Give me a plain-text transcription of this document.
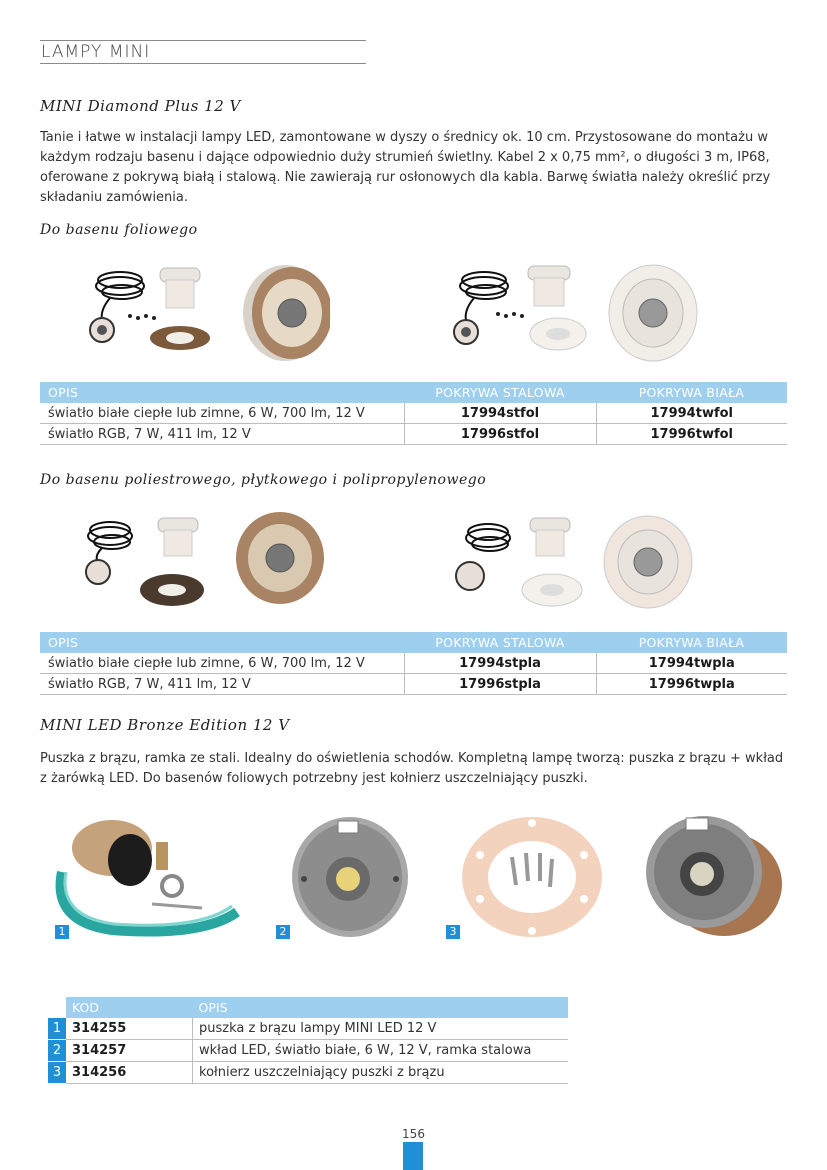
LAMPY MINI
MINI Diamond Plus 12 V
Tanie i łatwe w instalacji lampy LED, zamontowane w dyszy o średnicy ok. 10 cm. Przystosowane do montażu w każdym rodzaju basenu i dające odpowiednio duży strumień świetlny. Kabel 2 x 0,75 mm², o długości 3 m, IP68, oferowane z pokrywą białą i stalową. Nie zawierają rur osłonowych dla kabla. Barwę światła należy określić przy składaniu zamówienia.
Do basenu foliowego
OPIS	POKRYWA STALOWA	POKRYWA BIAŁA
światło białe ciepłe lub zimne, 6 W, 700 lm, 12 V	17994stfol	17994twfol
światło RGB, 7 W, 411 lm, 12 V	17996stfol	17996twfol
Do basenu poliestrowego, płytkowego i polipropylenowego
OPIS	POKRYWA STALOWA	POKRYWA BIAŁA
światło białe ciepłe lub zimne, 6 W, 700 lm, 12 V	17994stpla	17994twpla
światło RGB, 7 W, 411 lm, 12 V	17996stpla	17996twpla
MINI LED Bronze Edition 12 V
Puszka z brązu, ramka ze stali. Idealny do oświetlenia schodów. Kompletną lampę tworzą: puszka z brązu + wkład z żarówką LED. Do basenów foliowych potrzebny jest kołnierz uszczelniający puszki.
1	2	3
	KOD	OPIS
1	314255	puszka z brązu lampy MINI LED 12 V
2	314257	wkład LED, światło białe, 6 W, 12 V, ramka stalowa
3	314256	kołnierz uszczelniający puszki z brązu
156
